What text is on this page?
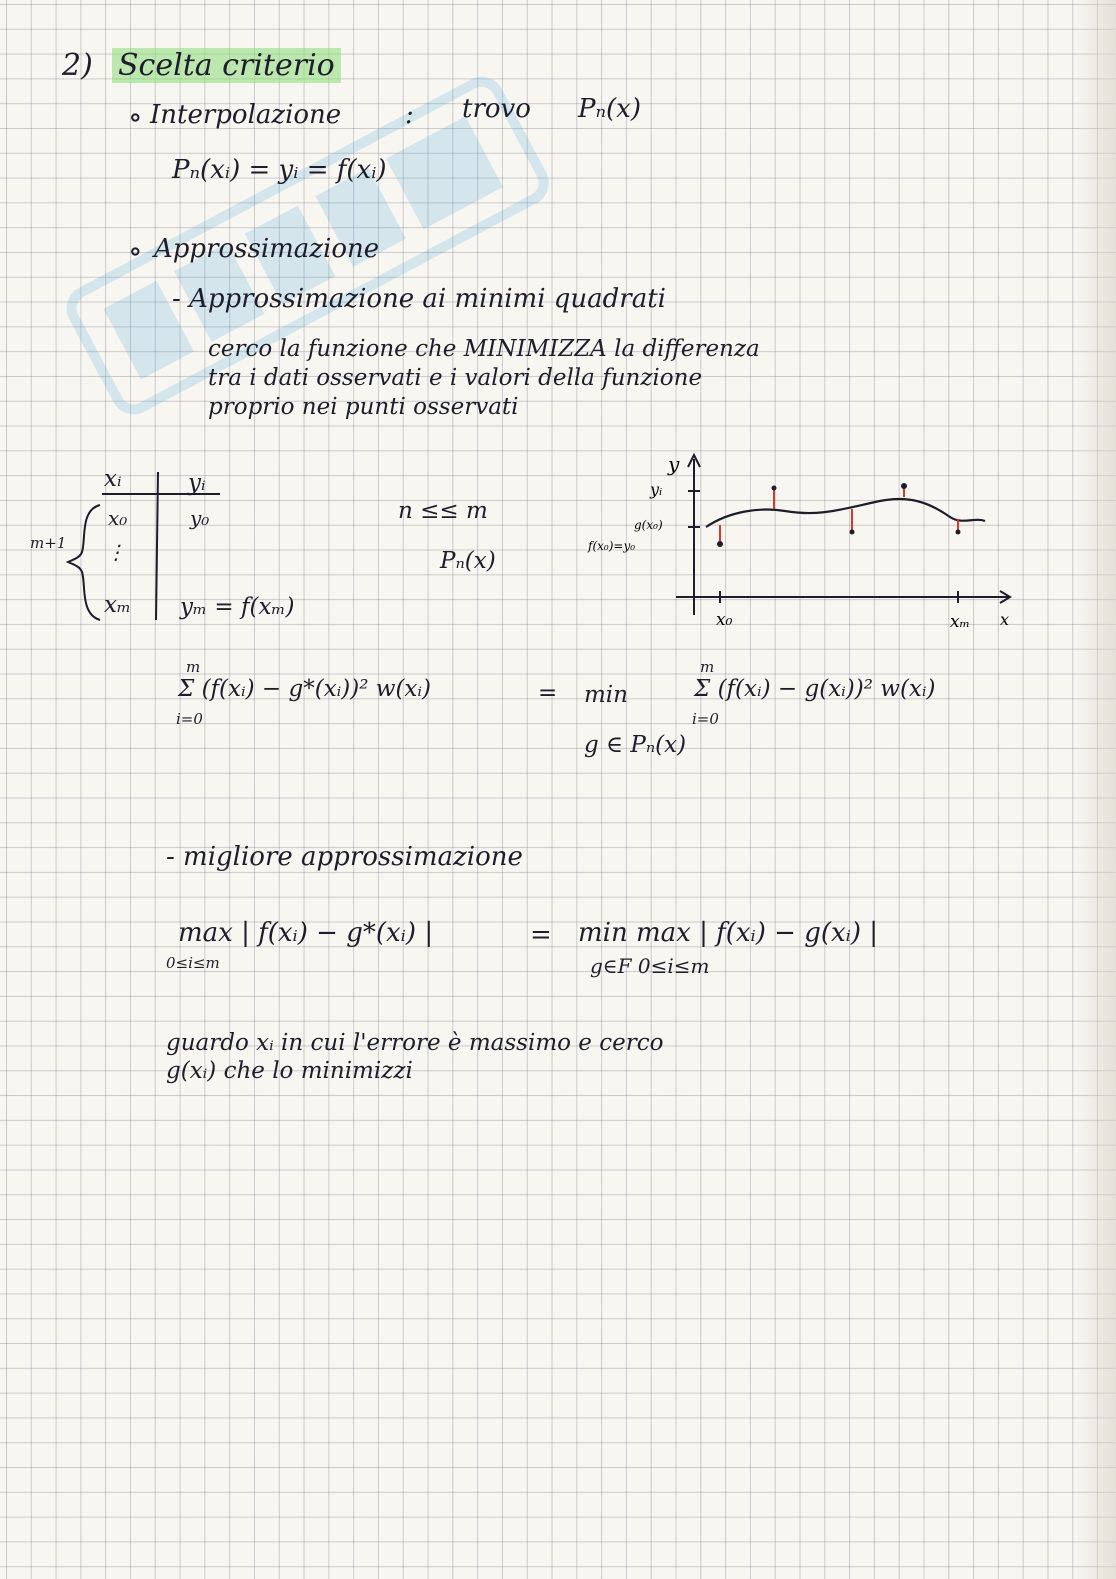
2) Scelta criterio
∘ Interpolazione : trovo Pₙ(x)
Pₙ(xᵢ) = yᵢ = f(xᵢ)
∘ Approssimazione
- Approssimazione ai minimi quadrati
cerco la funzione che MINIMIZZA la differenza
tra i dati osservati e i valori della funzione
proprio nei punti osservati
xᵢ	yᵢ
x₀	y₀
⋮
xₘ yₘ = f(xₘ)
m+1
n ≤≤ m
Pₙ(x)
y
yᵢ
g(x₀)
f(x₀)=y₀
x₀	xₘ x
m
Σ (f(xᵢ) − g*(xᵢ))² w(xᵢ)
i=0
= min
g ∈ Pₙ(x)
m
Σ (f(xᵢ) − g(xᵢ))² w(xᵢ)
i=0
- migliore approssimazione
max | f(xᵢ) − g*(xᵢ) |
0≤i≤m
= min max | f(xᵢ) − g(xᵢ) |
g∈F 0≤i≤m
guardo xᵢ in cui l'errore è massimo e cerco
g(xᵢ) che lo minimizzi
